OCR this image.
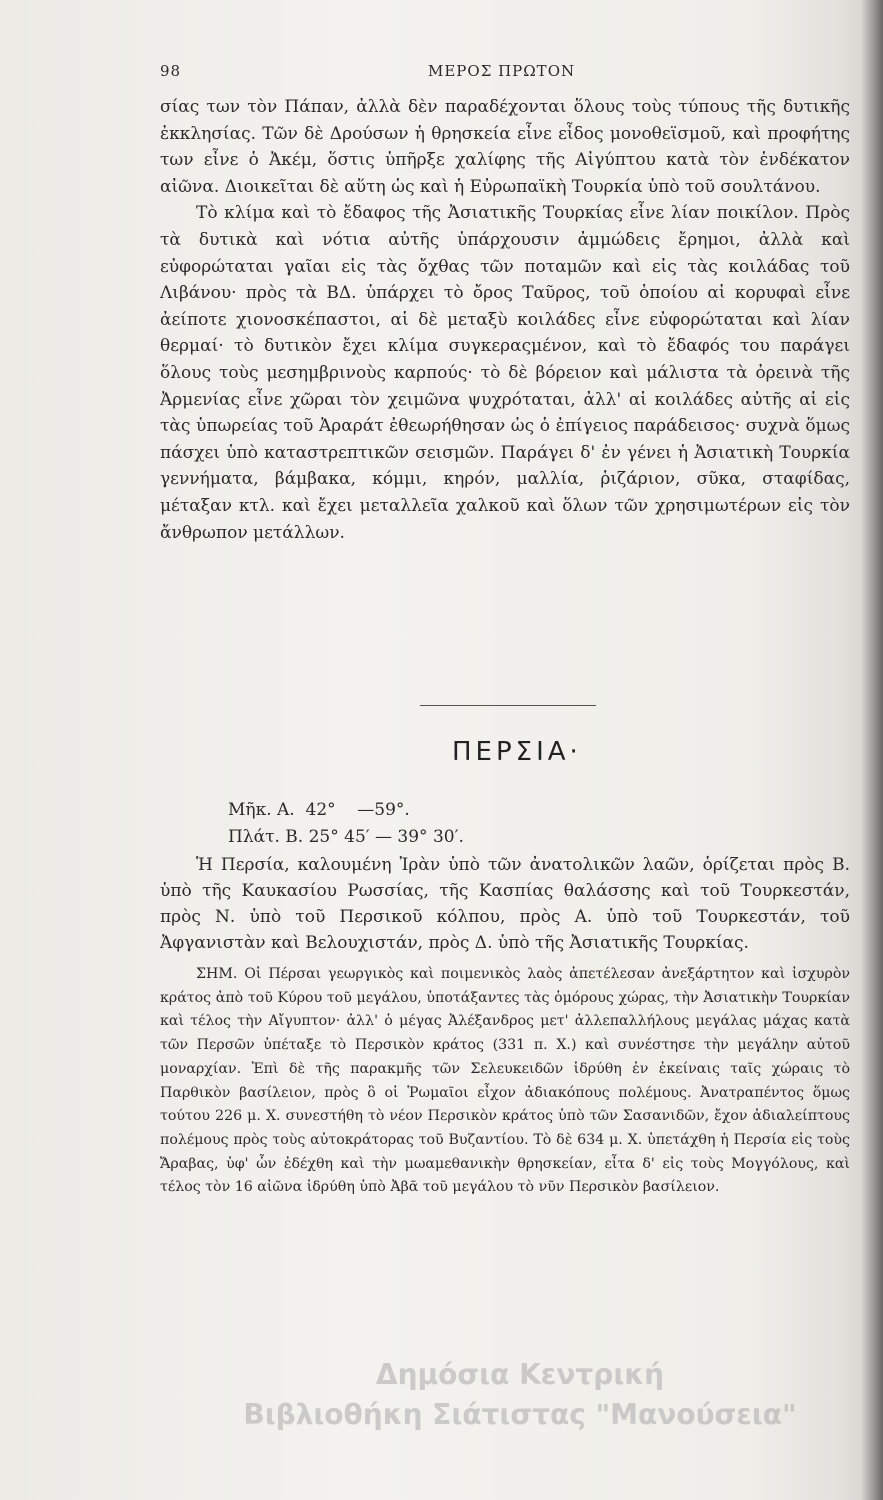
98	ΜΕΡΟΣ ΠΡΩΤΟΝ

σίας των τὸν Πάπαν, ἀλλὰ δὲν παραδέχονται ὅλους τοὺς τύπους τῆς δυτικῆς ἐκκλησίας. Τῶν δὲ Δρούσων ἡ θρησκεία εἶνε εἶδος μονοθεϊσμοῦ, καὶ προφήτης των εἶνε ὁ Ἀκέμ, ὅστις ὑπῆρξε χαλίφης τῆς Αἰγύπτου κατὰ τὸν ἑνδέκατον αἰῶνα. Διοικεῖται δὲ αὕτη ὡς καὶ ἡ Εὐρωπαϊκὴ Τουρκία ὑπὸ τοῦ σουλτάνου.

Τὸ κλίμα καὶ τὸ ἔδαφος τῆς Ἀσιατικῆς Τουρκίας εἶνε λίαν ποικίλον. Πρὸς τὰ δυτικὰ καὶ νότια αὐτῆς ὑπάρχουσιν ἀμμώδεις ἔρημοι, ἀλλὰ καὶ εὐφορώταται γαῖαι εἰς τὰς ὄχθας τῶν ποταμῶν καὶ εἰς τὰς κοιλάδας τοῦ Λιβάνου· πρὸς τὰ ΒΔ. ὑπάρχει τὸ ὄρος Ταῦρος, τοῦ ὁποίου αἱ κορυφαὶ εἶνε ἀείποτε χιονοσκέπαστοι, αἱ δὲ μεταξὺ κοιλάδες εἶνε εὐφορώταται καὶ λίαν θερμαί· τὸ δυτικὸν ἔχει κλίμα συγκεραςμένον, καὶ τὸ ἔδαφός του παράγει ὅλους τοὺς μεσημβρινοὺς καρπούς· τὸ δὲ βόρειον καὶ μάλιστα τὰ ὀρεινὰ τῆς Ἀρμενίας εἶνε χῶραι τὸν χειμῶνα ψυχρόταται, ἀλλ' αἱ κοιλάδες αὐτῆς αἱ εἰς τὰς ὑπωρείας τοῦ Ἀραράτ ἐθεωρήθησαν ὡς ὁ ἐπίγειος παράδεισος· συχνὰ ὅμως πάσχει ὑπὸ καταστρεπτικῶν σεισμῶν. Παράγει δ' ἐν γένει ἡ Ἀσιατικὴ Τουρκία γεννήματα, βάμβακα, κόμμι, κηρόν, μαλλία, ῥιζάριον, σῦκα, σταφίδας, μέταξαν κτλ. καὶ ἔχει μεταλλεῖα χαλκοῦ καὶ ὅλων τῶν χρησιμωτέρων εἰς τὸν ἄνθρωπον μετάλλων.

ΠΕΡΣΙΑ·
Μῆκ. Α.  42°    —59°.
Πλάτ. Β. 25° 45′ — 39° 30′.

Ἡ Περσία, καλουμένη Ἰρὰν ὑπὸ τῶν ἀνατολικῶν λαῶν, ὁρίζεται πρὸς Β. ὑπὸ τῆς Καυκασίου Ρωσσίας, τῆς Κασπίας θαλάσσης καὶ τοῦ Τουρκεστάν, πρὸς Ν. ὑπὸ τοῦ Περσικοῦ κόλπου, πρὸς Α. ὑπὸ τοῦ Τουρκεστάν, τοῦ Ἀφγανιστὰν καὶ Βελουχιστάν, πρὸς Δ. ὑπὸ τῆς Ἀσιατικῆς Τουρκίας.

ΣΗΜ. Οἱ Πέρσαι γεωργικὸς καὶ ποιμενικὸς λαὸς ἀπετέλεσαν ἀνεξάρτητον καὶ ἰσχυρὸν κράτος ἀπὸ τοῦ Κύρου τοῦ μεγάλου, ὑποτάξαντες τὰς ὁμόρους χώρας, τὴν Ἀσιατικὴν Τουρκίαν καὶ τέλος τὴν Αἴγυπτον· ἀλλ' ὁ μέγας Ἀλέξανδρος μετ' ἀλλεπαλλήλους μεγάλας μάχας κατὰ τῶν Περσῶν ὑπέταξε τὸ Περσικὸν κράτος (331 π. Χ.) καὶ συνέστησε τὴν μεγάλην αὐτοῦ μοναρχίαν. Ἐπὶ δὲ τῆς παρακμῆς τῶν Σελευκειδῶν ἱδρύθη ἐν ἐκείναις ταῖς χώραις τὸ Παρθικὸν βασίλειον, πρὸς ὃ οἱ Ῥωμαῖοι εἶχον ἀδιακόπους πολέμους. Ἀνατραπέντος ὅμως τούτου 226 μ. Χ. συνεστήθη τὸ νέον Περσικὸν κράτος ὑπὸ τῶν Σασανιδῶν, ἔχον ἀδιαλείπτους πολέμους πρὸς τοὺς αὐτοκράτορας τοῦ Βυζαντίου. Τὸ δὲ 634 μ. Χ. ὑπετάχθη ἡ Περσία εἰς τοὺς Ἄραβας, ὑφ' ὧν ἐδέχθη καὶ τὴν μωαμεθανικὴν θρησκείαν, εἶτα δ' εἰς τοὺς Μογγόλους, καὶ τέλος τὸν 16 αἰῶνα ἱδρύθη ὑπὸ Ἀβᾶ τοῦ μεγάλου τὸ νῦν Περσικὸν βασίλειον.

Δημόσια Κεντρική
Βιβλιοθήκη Σιάτιστας "Μανούσεια"
